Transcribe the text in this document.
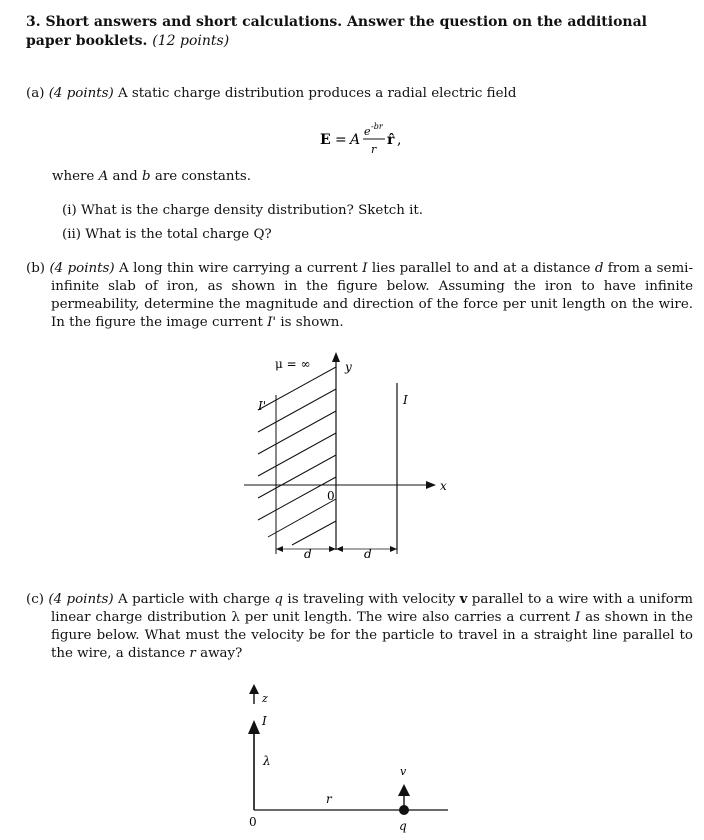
3. Short answers and short calculations. Answer the question on the additional paper booklets. (12 points)
(a) (4 points) A static charge distribution produces a radial electric field
E = A
e -br
r
r̂ ,
where A and b are constants.
(i) What is the charge density distribution? Sketch it.
(ii) What is the total charge Q?
(b) (4 points) A long thin wire carrying a current I lies parallel to and at a distance d from a semi-infinite slab of iron, as shown in the figure below. Assuming the iron to have infinite permeability, determine the magnitude and direction of the force per unit length on the wire. In the figure the image current I' is shown.
μ = ∞	y
x
I'	I
0
d	d
(c) (4 points) A particle with charge q is traveling with velocity v parallel to a wire with a uniform linear charge distribution λ per unit length. The wire also carries a current I as shown in the figure below. What must the velocity be for the particle to travel in a straight line parallel to the wire, a distance r away?
z
I
λ
0
r
v
q
